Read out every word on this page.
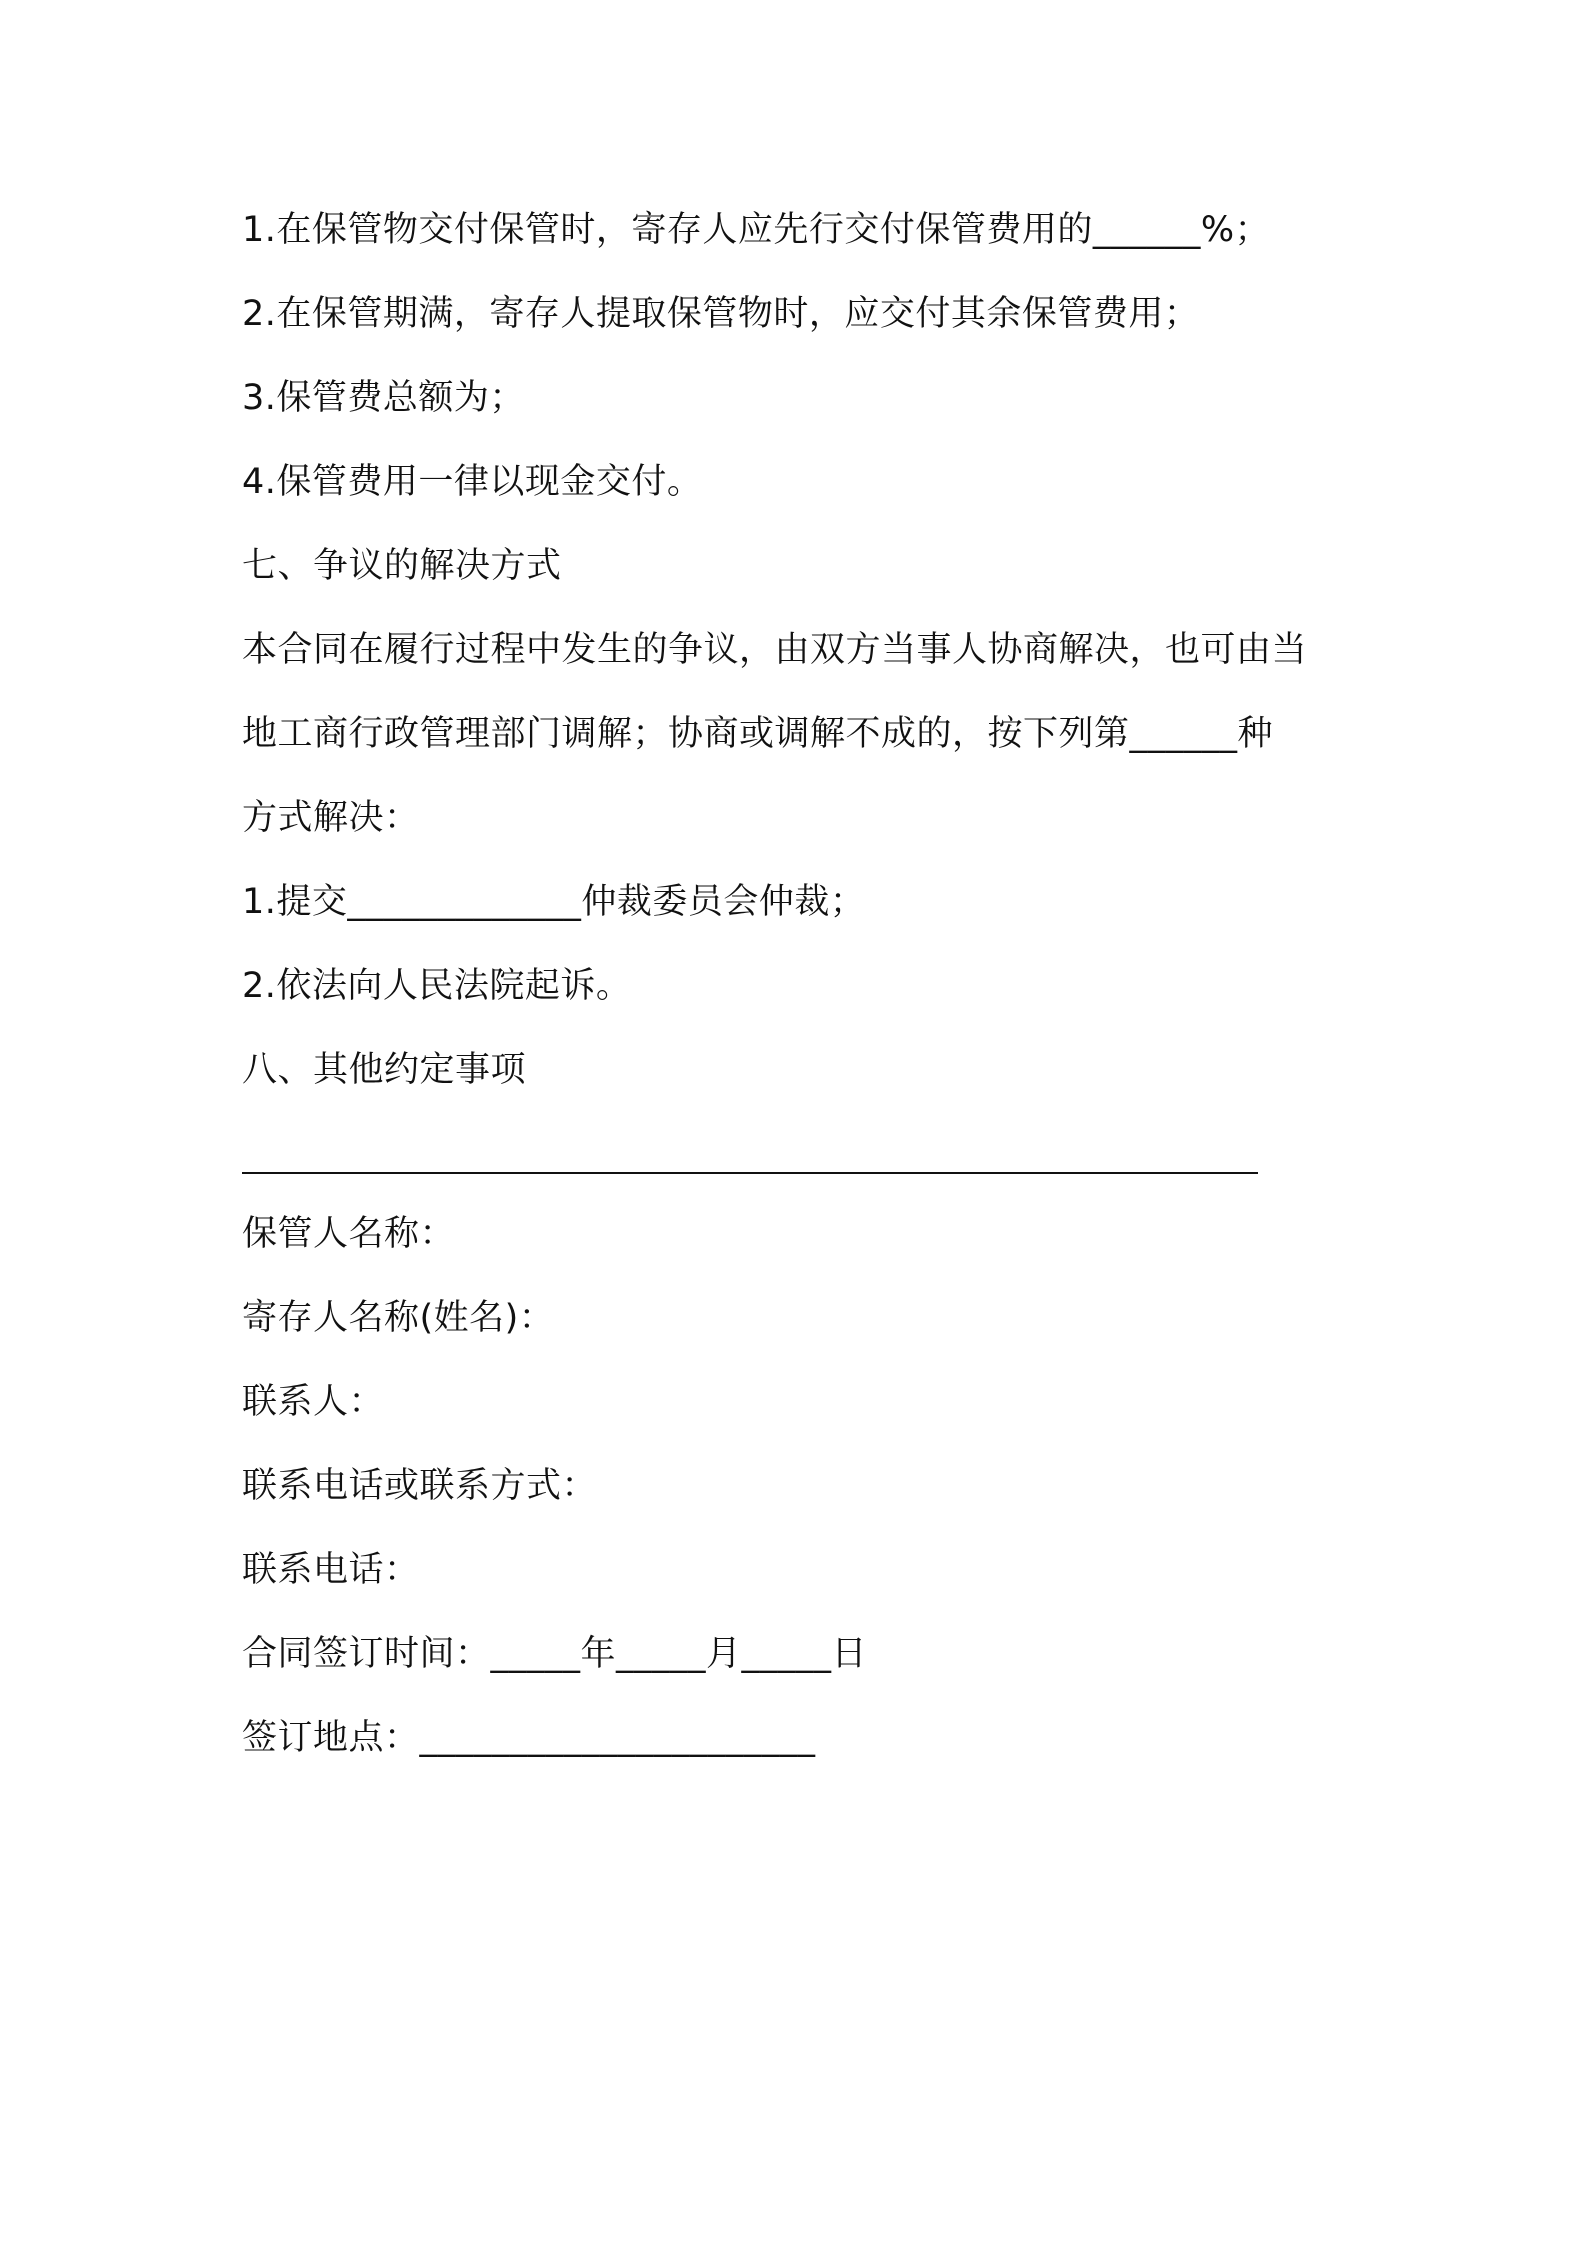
1.在保管物交付保管时，寄存人应先行交付保管费用的______%；
2.在保管期满，寄存人提取保管物时，应交付其余保管费用；
3.保管费总额为；
4.保管费用一律以现金交付。
七、争议的解决方式
本合同在履行过程中发生的争议，由双方当事人协商解决，也可由当
地工商行政管理部门调解；协商或调解不成的，按下列第______种
方式解决：
1.提交_____________仲裁委员会仲裁；
2.依法向人民法院起诉。
八、其他约定事项
保管人名称：
寄存人名称(姓名)：
联系人：
联系电话或联系方式：
联系电话：
合同签订时间：_____年_____月_____日
签订地点：______________________
